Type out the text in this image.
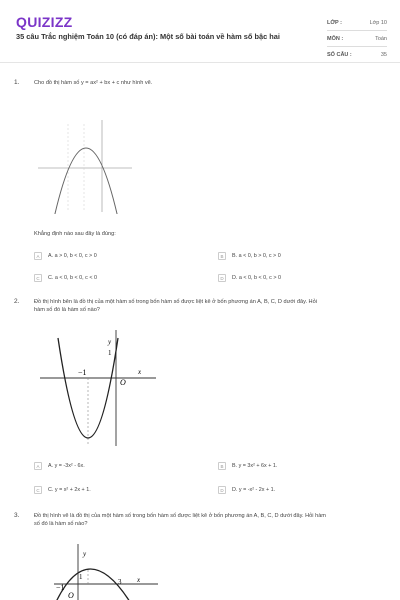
QUIZIZZ
35 câu Trắc nghiệm Toán 10 (có đáp án): Một số bài toán về hàm số bậc hai
LỚP :	Lớp 10
MÔN :	Toán
SỐ CÂU :	35
1.	Cho đồ thị hàm số y = ax² + bx + c như hình vẽ.
Khẳng định nào sau đây là đúng:
A	A. a > 0, b < 0, c > 0	B	B. a < 0, b > 0, c > 0
C	C. a < 0, b < 0, c < 0	D	D. a < 0, b < 0, c > 0
2.	Đồ thị hình bên là đồ thị của một hàm số trong bốn hàm số được liệt kê ở bốn phương án A, B, C, D dưới đây. Hỏi
hàm số đó là hàm số nào?
y
1
−1
O
x
A	A. y = -3x² - 6x.	B	B. y = 3x² + 6x + 1.
C	C. y = x² + 2x + 1.	D	D. y = -x² - 2x + 1.
3.	Đồ thị hình vẽ là đồ thị của một hàm số trong bốn hàm số được liệt kê ở bốn phương án A, B, C, D dưới đây. Hỏi hàm
số đó là hàm số nào?
y
1
−1
3
O
x
